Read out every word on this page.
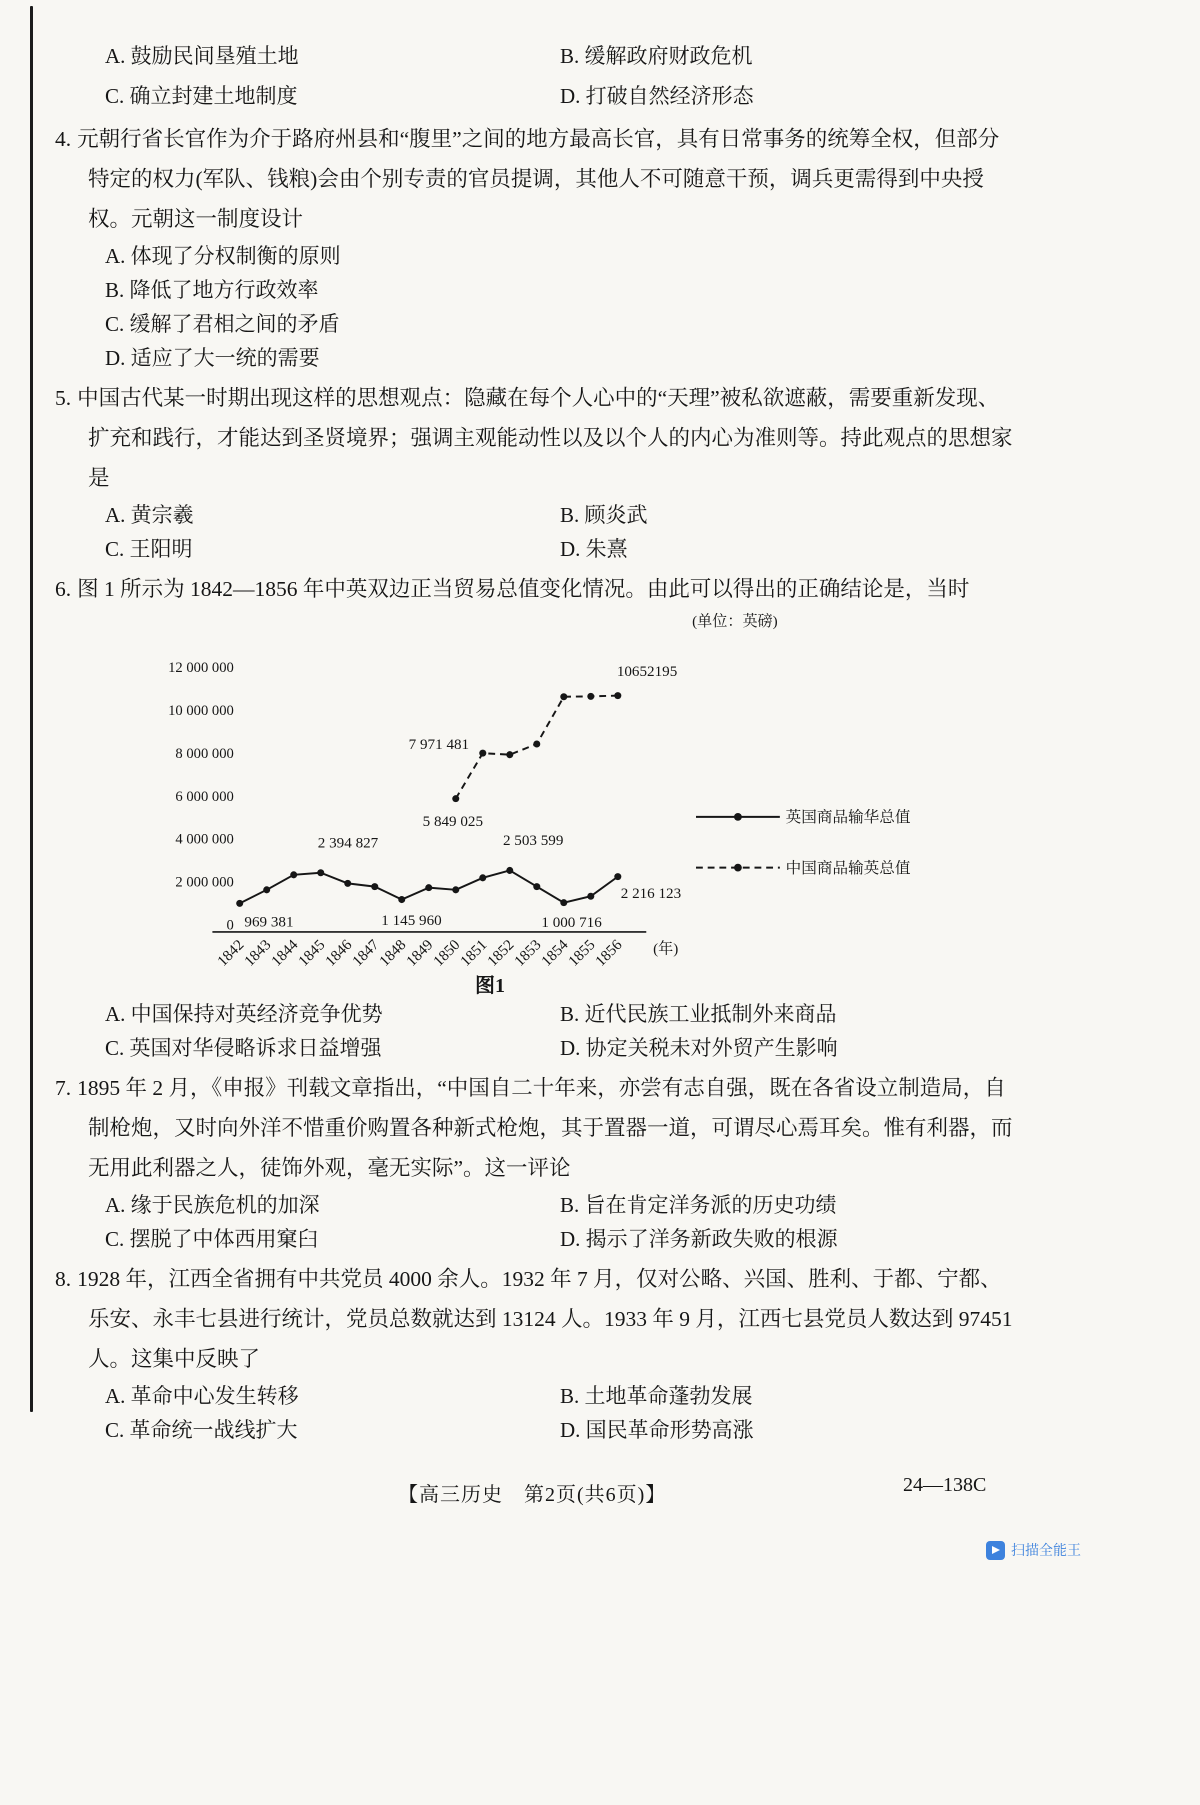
A. 鼓励民间垦殖土地	B. 缓解政府财政危机
C. 确立封建土地制度	D. 打破自然经济形态
4. 元朝行省长官作为介于路府州县和“腹里”之间的地方最高长官，具有日常事务的统筹全权，但部分特定的权力(军队、钱粮)会由个别专责的官员提调，其他人不可随意干预，调兵更需得到中央授权。元朝这一制度设计
A. 体现了分权制衡的原则
B. 降低了地方行政效率
C. 缓解了君相之间的矛盾
D. 适应了大一统的需要
5. 中国古代某一时期出现这样的思想观点：隐藏在每个人心中的“天理”被私欲遮蔽，需要重新发现、扩充和践行，才能达到圣贤境界；强调主观能动性以及以个人的内心为准则等。持此观点的思想家是
A. 黄宗羲	B. 顾炎武
C. 王阳明	D. 朱熹
6. 图 1 所示为 1842—1856 年中英双边正当贸易总值变化情况。由此可以得出的正确结论是，当时
(单位：英磅)
12 000 000
10 000 000
8 000 000
6 000 000
4 000 000
2 000 000
0
1842
1843
1844
1845
1846
1847
1848
1849
1850
1851
1852
1853
1854
1855
1856 (年)
969 381
2 394 827
1 145 960
5 849 025
7 971 481
2 503 599
1 000 716
10652195
2 216 123
英国商品输华总值
中国商品输英总值
图1
A. 中国保持对英经济竞争优势	B. 近代民族工业抵制外来商品
C. 英国对华侵略诉求日益增强	D. 协定关税未对外贸产生影响
7. 1895 年 2 月，《申报》刊载文章指出，“中国自二十年来，亦尝有志自强，既在各省设立制造局，自制枪炮，又时向外洋不惜重价购置各种新式枪炮，其于置器一道，可谓尽心焉耳矣。惟有利器，而无用此利器之人，徒饰外观，毫无实际”。这一评论
A. 缘于民族危机的加深	B. 旨在肯定洋务派的历史功绩
C. 摆脱了中体西用窠臼	D. 揭示了洋务新政失败的根源
8. 1928 年，江西全省拥有中共党员 4000 余人。1932 年 7 月，仅对公略、兴国、胜利、于都、宁都、乐安、永丰七县进行统计，党员总数就达到 13124 人。1933 年 9 月，江西七县党员人数达到 97451 人。这集中反映了
A. 革命中心发生转移	B. 土地革命蓬勃发展
C. 革命统一战线扩大	D. 国民革命形势高涨
【高三历史　第2页(共6页)】	24—138C
扫描全能王
